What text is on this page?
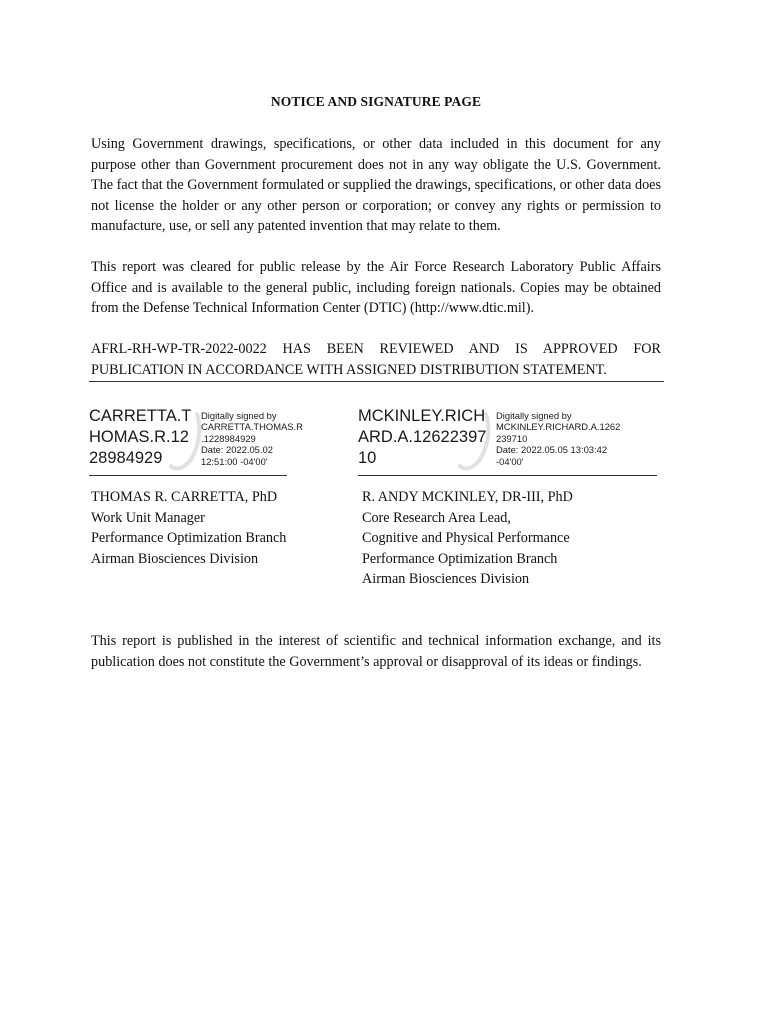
NOTICE AND SIGNATURE PAGE

Using Government drawings, specifications, or other data included in this document for any purpose other than Government procurement does not in any way obligate the U.S. Government. The fact that the Government formulated or supplied the drawings, specifications, or other data does not license the holder or any other person or corporation; or convey any rights or permission to manufacture, use, or sell any patented invention that may relate to them.

This report was cleared for public release by the Air Force Research Laboratory Public Affairs Office and is available to the general public, including foreign nationals. Copies may be obtained from the Defense Technical Information Center (DTIC) (http://www.dtic.mil).

AFRL-RH-WP-TR-2022-0022 HAS BEEN REVIEWED AND IS APPROVED FOR PUBLICATION IN ACCORDANCE WITH ASSIGNED DISTRIBUTION STATEMENT.

CARRETTA.T
HOMAS.R.12
28984929
Digitally signed by
CARRETTA.THOMAS.R
.1228984929
Date: 2022.05.02
12:51:00 -04'00'
MCKINLEY.RICH
ARD.A.12622397
10
Digitally signed by
MCKINLEY.RICHARD.A.1262
239710
Date: 2022.05.05 13:03:42
-04'00'
THOMAS R. CARRETTA, PhD
Work Unit Manager
Performance Optimization Branch
Airman Biosciences Division
R. ANDY MCKINLEY, DR-III, PhD
Core Research Area Lead,
Cognitive and Physical Performance
Performance Optimization Branch
Airman Biosciences Division

This report is published in the interest of scientific and technical information exchange, and its publication does not constitute the Government’s approval or disapproval of its ideas or findings.
